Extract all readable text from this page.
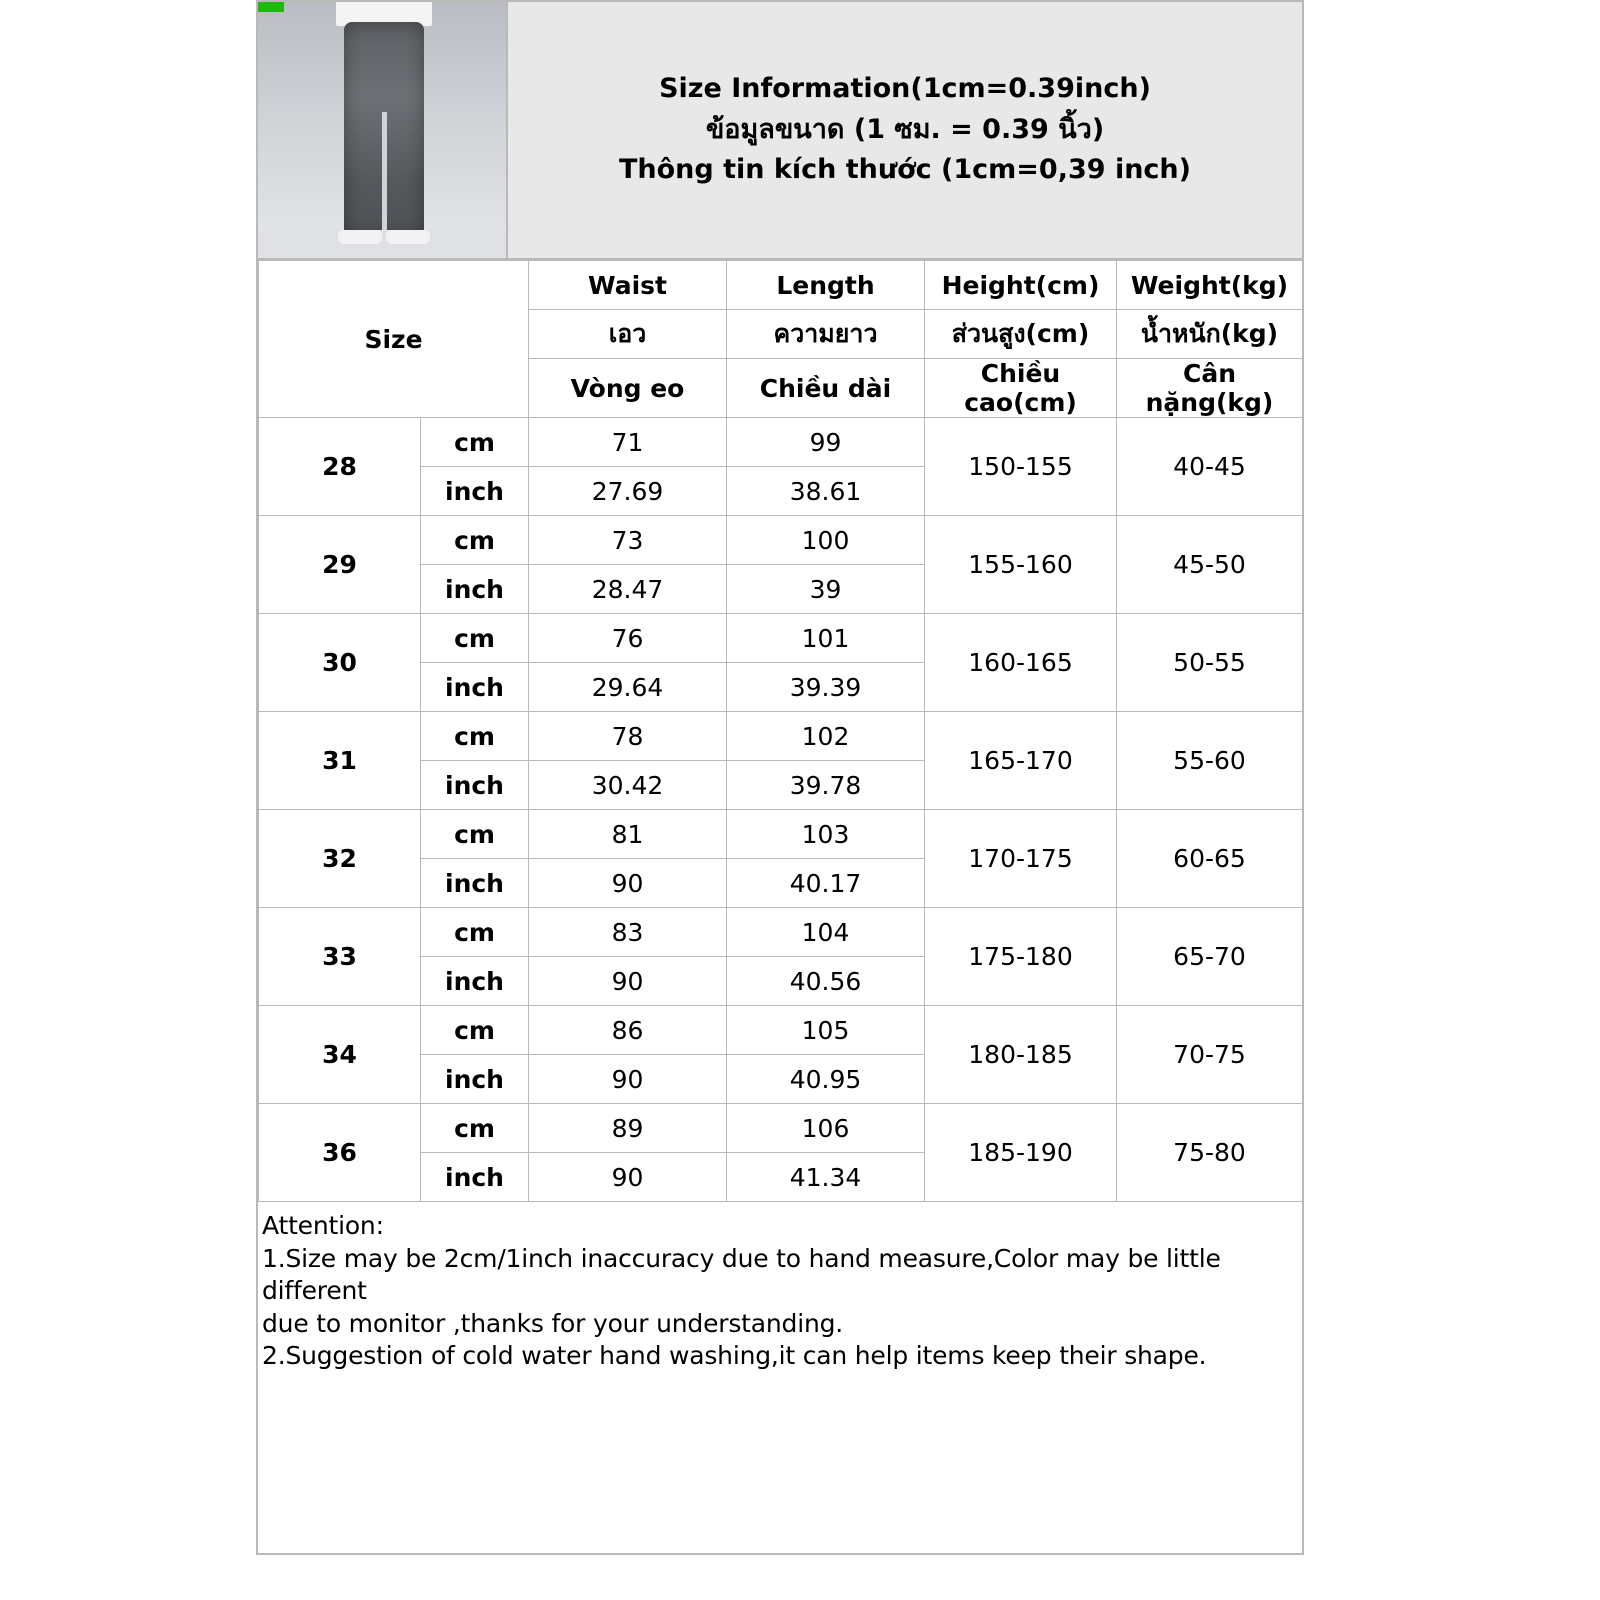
Size Information(1cm=0.39inch)
ข้อมูลขนาด (1 ซม. = 0.39 นิ้ว)
Thông tin kích thước (1cm=0,39 inch)
Size		Waist	Length	Height(cm)	Weight(kg)
		เอว	ความยาว	ส่วนสูง(cm)	น้ำหนัก(kg)
		Vòng eo	Chiều dài	Chiều cao(cm)	Cân nặng(kg)
28	cm	71	99	150-155	40-45
	inch	27.69	38.61		
29	cm	73	100	155-160	45-50
	inch	28.47	39		
30	cm	76	101	160-165	50-55
	inch	29.64	39.39		
31	cm	78	102	165-170	55-60
	inch	30.42	39.78		
32	cm	81	103	170-175	60-65
	inch	90	40.17		
33	cm	83	104	175-180	65-70
	inch	90	40.56		
34	cm	86	105	180-185	70-75
	inch	90	40.95		
36	cm	89	106	185-190	75-80
	inch	90	41.34		

Attention:

1.Size may be 2cm/1inch inaccuracy due to hand measure,Color may be little different

due to monitor ,thanks for your understanding.

2.Suggestion of cold water hand washing,it can help items keep their shape.
